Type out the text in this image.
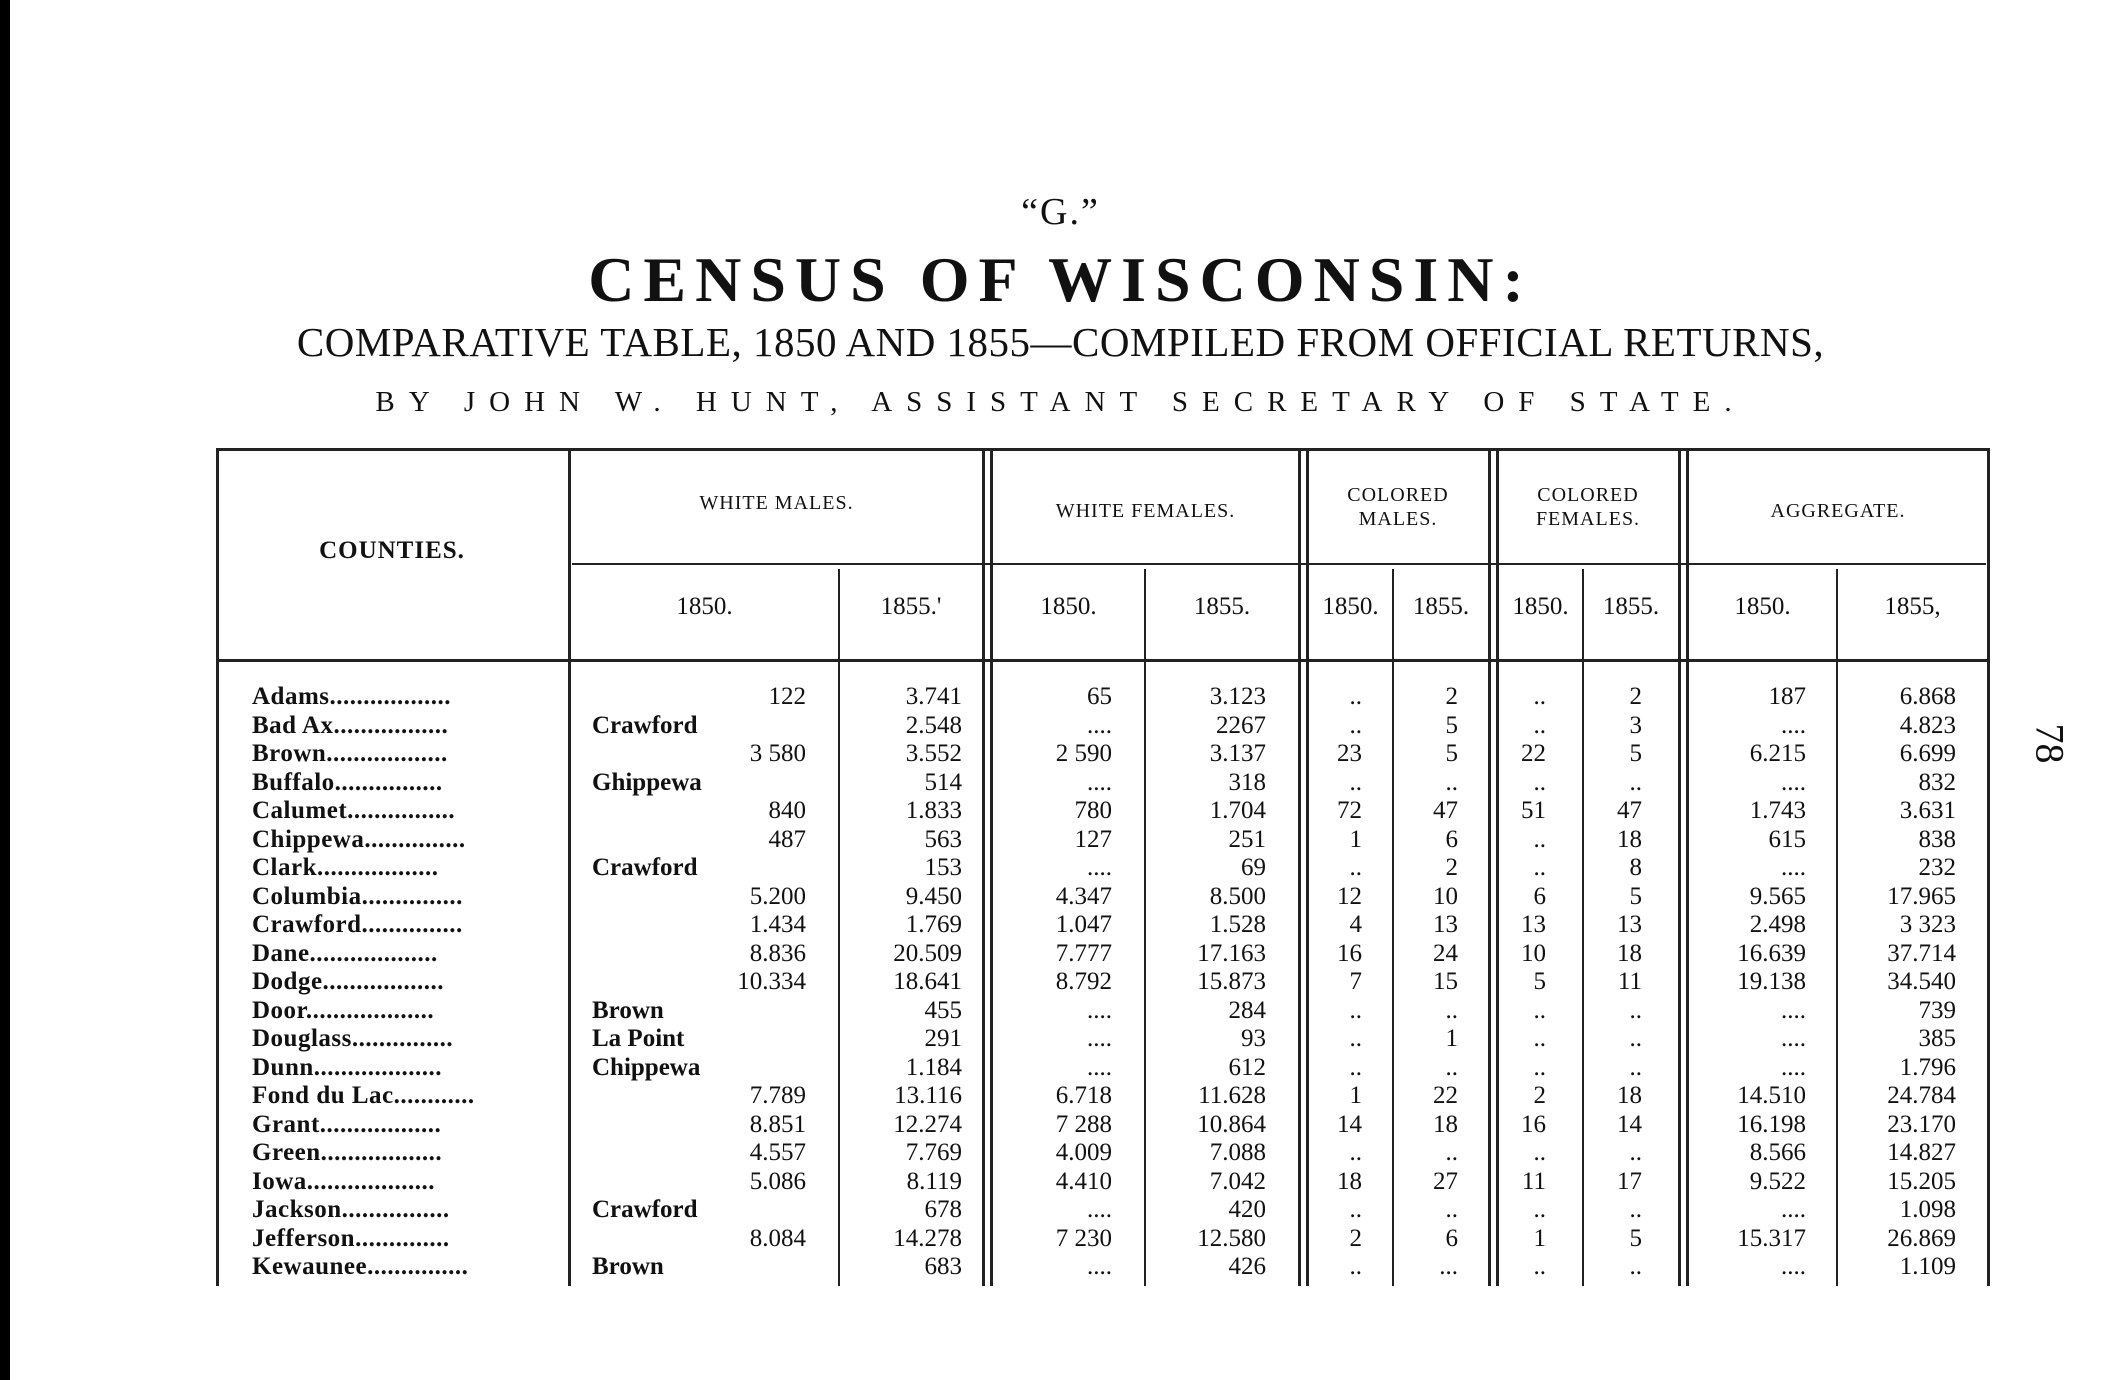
“G.”
CENSUS OF WISCONSIN:
COMPARATIVE TABLE, 1850 AND 1855—COMPILED FROM OFFICIAL RETURNS,
BY JOHN W. HUNT, ASSISTANT SECRETARY OF STATE.
78
COUNTIES.
WHITE MALES.	WHITE FEMALES.
COLORED MALES.
COLORED FEMALES.	AGGREGATE.
1850.	1855.'	1850.	1855.	1850.	1855.	1850.	1855.	1850.	1855,
Adams..................	122	3.741	65	3.123	..	2	..	2	187	6.868
Bad Ax.................	Crawford	2.548	....	2267	..	5	..	3	....	4.823
Brown..................	3 580	3.552	2 590	3.137	23	5	22	5	6.215	6.699
Buffalo................	Ghippewa	514	....	318	..	..	..	..	....	832
Calumet................	840	1.833	780	1.704	72	47	51	47	1.743	3.631
Chippewa...............	487	563	127	251	1	6	..	18	615	838
Clark..................	Crawford	153	....	69	..	2	..	8	....	232
Columbia...............	5.200	9.450	4.347	8.500	12	10	6	5	9.565	17.965
Crawford...............	1.434	1.769	1.047	1.528	4	13	13	13	2.498	3 323
Dane...................	8.836	20.509	7.777	17.163	16	24	10	18	16.639	37.714
Dodge..................	10.334	18.641	8.792	15.873	7	15	5	11	19.138	34.540
Door...................	Brown	455	....	284	..	..	..	..	....	739
Douglass...............	La Point	291	....	93	..	1	..	..	....	385
Dunn...................	Chippewa	1.184	....	612	..	..	..	..	....	1.796
Fond du Lac............	7.789	13.116	6.718	11.628	1	22	2	18	14.510	24.784
Grant..................	8.851	12.274	7 288	10.864	14	18	16	14	16.198	23.170
Green..................	4.557	7.769	4.009	7.088	..	..	..	..	8.566	14.827
Iowa...................	5.086	8.119	4.410	7.042	18	27	11	17	9.522	15.205
Jackson................	Crawford	678	....	420	..	..	..	..	....	1.098
Jefferson..............	8.084	14.278	7 230	12.580	2	6	1	5	15.317	26.869
Kewaunee...............	Brown	683	....	426	..	...	..	..	....	1.109
